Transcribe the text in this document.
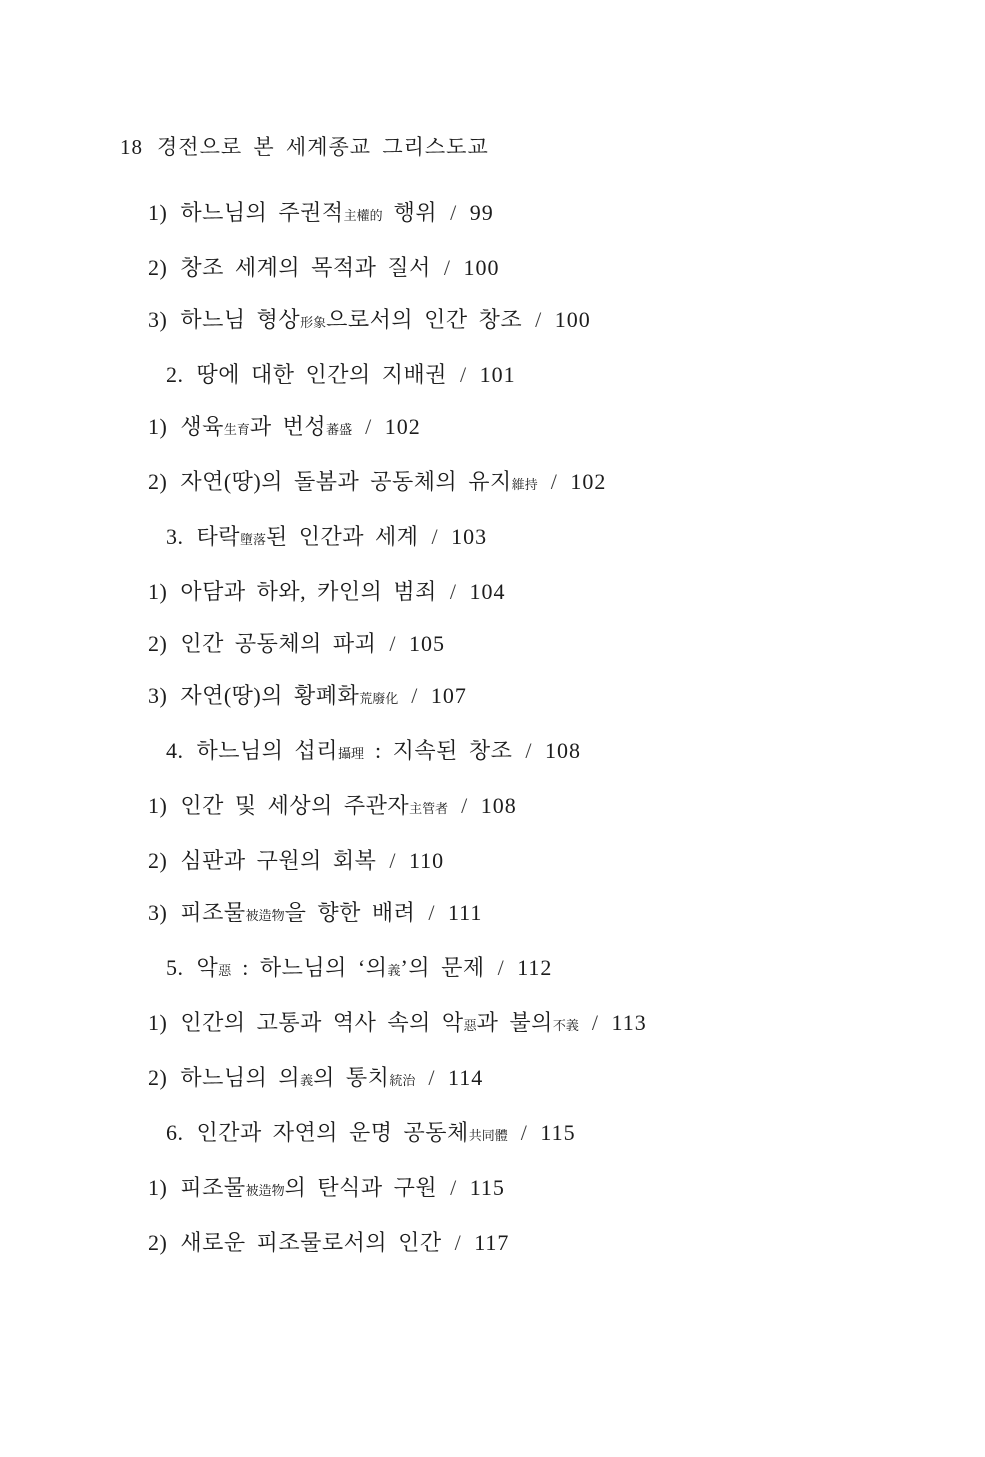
18 경전으로 본 세계종교 그리스도교
1) 하느님의 주권적主權的 행위 / 99
2) 창조 세계의 목적과 질서 / 100
3) 하느님 형상形象으로서의 인간 창조 / 100
2. 땅에 대한 인간의 지배권 / 101
1) 생육生育과 번성蕃盛 / 102
2) 자연(땅)의 돌봄과 공동체의 유지維持 / 102
3. 타락墮落된 인간과 세계 / 103
1) 아담과 하와, 카인의 범죄 / 104
2) 인간 공동체의 파괴 / 105
3) 자연(땅)의 황폐화荒廢化 / 107
4. 하느님의 섭리攝理 : 지속된 창조 / 108
1) 인간 및 세상의 주관자主管者 / 108
2) 심판과 구원의 회복 / 110
3) 피조물被造物을 향한 배려 / 111
5. 악惡 : 하느님의 ‘의義’의 문제 / 112
1) 인간의 고통과 역사 속의 악惡과 불의不義 / 113
2) 하느님의 의義의 통치統治 / 114
6. 인간과 자연의 운명 공동체共同體 / 115
1) 피조물被造物의 탄식과 구원 / 115
2) 새로운 피조물로서의 인간 / 117
